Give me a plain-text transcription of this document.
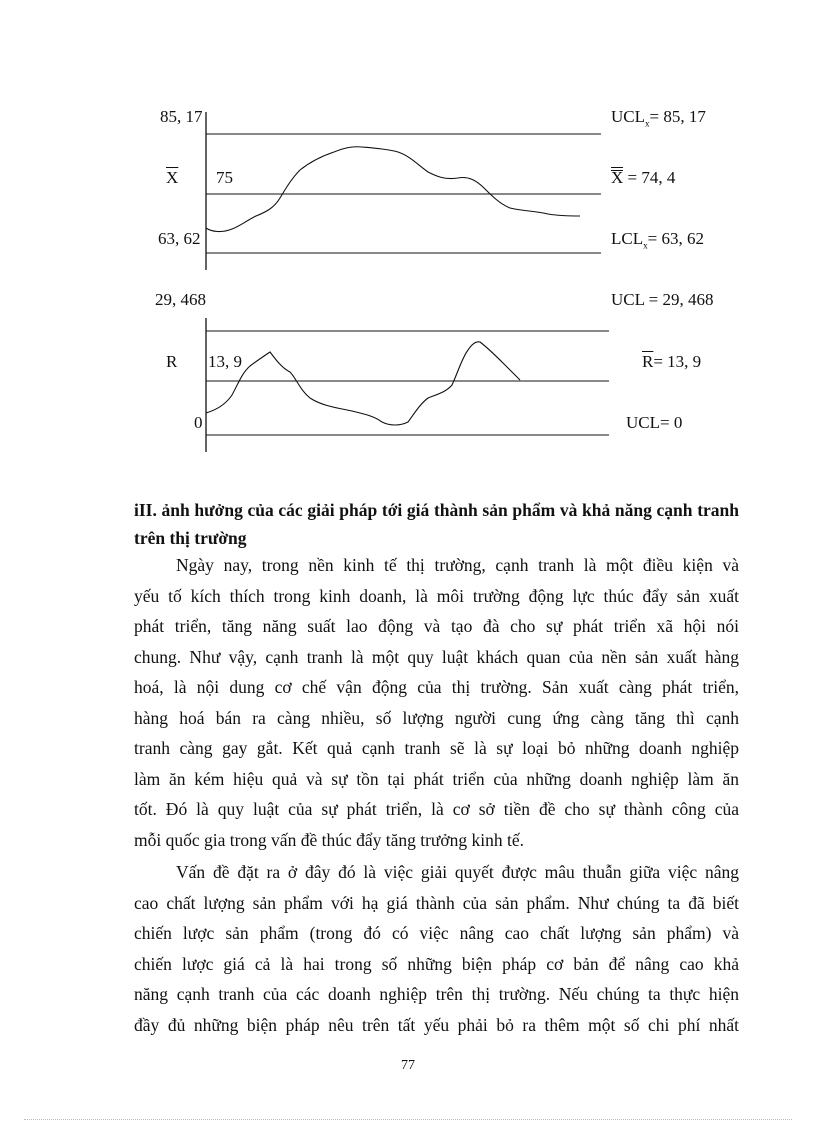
85, 17
$\overline{X}$ 75
63, 62
$UCL_x= 85$, 17
X = 74, 4
$LCL_x= 63$, 62
29, 468
R 13, 9
0
UCL = 29, 468
$\overline{R}= 13$, 9
UCL= 0
iII. ảnh hưởng của các giải pháp tới giá thành sản phẩm và khả năng cạnh tranh trên thị trường
Ngày nay, trong nền kinh tế thị trường, cạnh tranh là một điều kiện và
yếu tố kích thích trong kinh doanh, là môi trường động lực thúc đẩy sản xuất
phát triển, tăng năng suất lao động và tạo đà cho sự phát triển xã hội nói
chung. Như vậy, cạnh tranh là một quy luật khách quan của nền sản xuất hàng
hoá, là nội dung cơ chế vận động của thị trường. Sản xuất càng phát triển,
hàng hoá bán ra càng nhiều, số lượng người cung ứng càng tăng thì cạnh
tranh càng gay gắt. Kết quả cạnh tranh sẽ là sự loại bỏ những doanh nghiệp
làm ăn kém hiệu quả và sự tồn tại phát triển của những doanh nghiệp làm ăn
tốt. Đó là quy luật của sự phát triển, là cơ sở tiền đề cho sự thành công của
mỗi quốc gia trong vấn đề thúc đẩy tăng trưởng kinh tế.
Vấn đề đặt ra ở đây đó là việc giải quyết được mâu thuẫn giữa việc nâng
cao chất lượng sản phẩm với hạ giá thành của sản phẩm. Như chúng ta đã biết
chiến lược sản phẩm (trong đó có việc nâng cao chất lượng sản phẩm) và
chiến lược giá cả là hai trong số những biện pháp cơ bản để nâng cao khả
năng cạnh tranh của các doanh nghiệp trên thị trường. Nếu chúng ta thực hiện
đầy đủ những biện pháp nêu trên tất yếu phải bỏ ra thêm một số chi phí nhất
77
